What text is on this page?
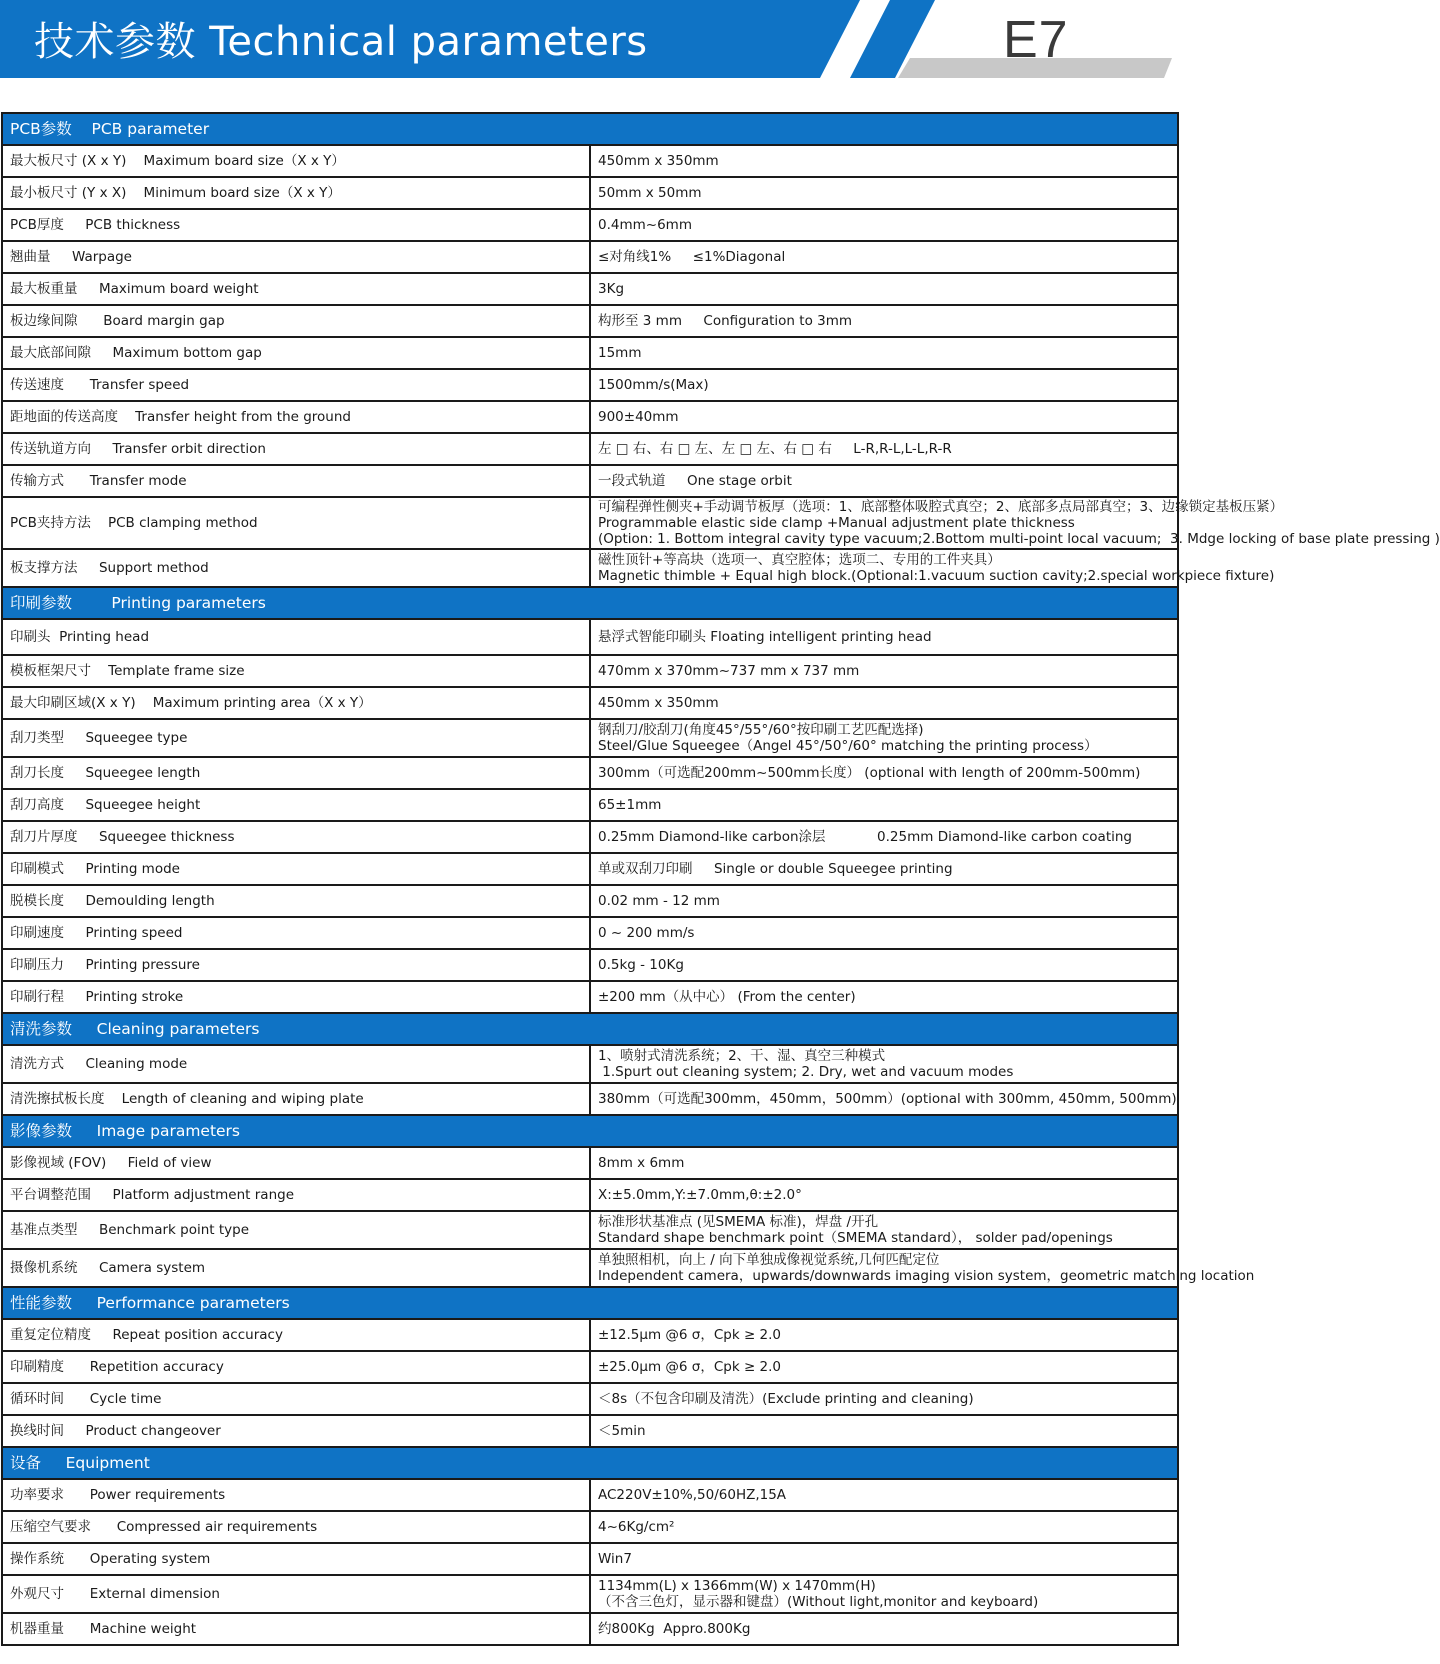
技术参数 Technical parameters	E7
PCB参数    PCB parameter	
最大板尺寸 (X x Y)    Maximum board size（X x Y）	450mm x 350mm

最小板尺寸 (Y x X)    Minimum board size（X x Y）	50mm x 50mm

PCB厚度     PCB thickness	0.4mm~6mm

翘曲量     Warpage	≤对角线1%     ≤1%Diagonal

最大板重量     Maximum board weight	3Kg

板边缘间隙      Board margin gap	构形至 3 mm     Configuration to 3mm

最大底部间隙     Maximum bottom gap	15mm

传送速度      Transfer speed	1500mm/s(Max)

距地面的传送高度    Transfer height from the ground	900±40mm

传送轨道方向     Transfer orbit direction	左 □ 右、右 □ 左、左 □ 左、右 □ 右     L-R,R-L,L-L,R-R

传输方式      Transfer mode	一段式轨道     One stage orbit

PCB夹持方法    PCB clamping method	可编程弹性侧夹+手动调节板厚（选项：1、底部整体吸腔式真空；2、底部多点局部真空；3、边缘锁定基板压紧）
Programmable elastic side clamp +Manual adjustment plate thickness
(Option: 1. Bottom integral cavity type vacuum;2.Bottom multi-point local vacuum;  3. Mdge locking of base plate pressing )

板支撑方法     Support method	磁性顶针+等高块（选项一、真空腔体；选项二、专用的工件夹具）
Magnetic thimble + Equal high block.(Optional:1.vacuum suction cavity;2.special workpiece fixture)

印刷参数        Printing parameters	
印刷头  Printing head	悬浮式智能印刷头 Floating intelligent printing head

模板框架尺寸    Template frame size	470mm x 370mm~737 mm x 737 mm

最大印刷区域(X x Y)    Maximum printing area（X x Y）	450mm x 350mm

刮刀类型     Squeegee type	钢刮刀/胶刮刀(角度45°/55°/60°按印刷工艺匹配选择)
Steel/Glue Squeegee（Angel 45°/50°/60° matching the printing process）

刮刀长度     Squeegee length	300mm（可选配200mm~500mm长度） (optional with length of 200mm-500mm)

刮刀高度     Squeegee height	65±1mm

刮刀片厚度     Squeegee thickness	0.25mm Diamond-like carbon涂层            0.25mm Diamond-like carbon coating

印刷模式     Printing mode	单或双刮刀印刷     Single or double Squeegee printing

脱模长度     Demoulding length	0.02 mm - 12 mm

印刷速度     Printing speed	0 ~ 200 mm/s

印刷压力     Printing pressure	0.5kg - 10Kg

印刷行程     Printing stroke	±200 mm（从中心） (From the center)

清洗参数     Cleaning parameters	
清洗方式     Cleaning mode	1、喷射式清洗系统；2、干、湿、真空三种模式
1.Spurt out cleaning system; 2. Dry, wet and vacuum modes

清洗擦拭板长度    Length of cleaning and wiping plate	380mm（可选配300mm，450mm，500mm）(optional with 300mm, 450mm, 500mm)

影像参数     Image parameters	
影像视域 (FOV)     Field of view	8mm x 6mm

平台调整范围     Platform adjustment range	X:±5.0mm,Y:±7.0mm,θ:±2.0°

基准点类型     Benchmark point type	标准形状基准点 (见SMEMA 标准)，焊盘 /开孔
Standard shape benchmark point（SMEMA standard）， solder pad/openings

摄像机系统     Camera system	单独照相机，向上 / 向下单独成像视觉系统,几何匹配定位
Independent camera，upwards/downwards imaging vision system，geometric matching location

性能参数     Performance parameters	
重复定位精度     Repeat position accuracy	±12.5μm @6 σ，Cpk ≥ 2.0

印刷精度      Repetition accuracy	±25.0μm @6 σ，Cpk ≥ 2.0

循环时间      Cycle time	＜8s（不包含印刷及清洗）(Exclude printing and cleaning)

换线时间     Product changeover	＜5min

设备     Equipment	
功率要求      Power requirements	AC220V±10%,50/60HZ,15A

压缩空气要求      Compressed air requirements	4~6Kg/cm²

操作系统      Operating system	Win7

外观尺寸      External dimension	1134mm(L) x 1366mm(W) x 1470mm(H)
（不含三色灯，显示器和键盘）(Without light,monitor and keyboard)

机器重量      Machine weight	约800Kg  Appro.800Kg
